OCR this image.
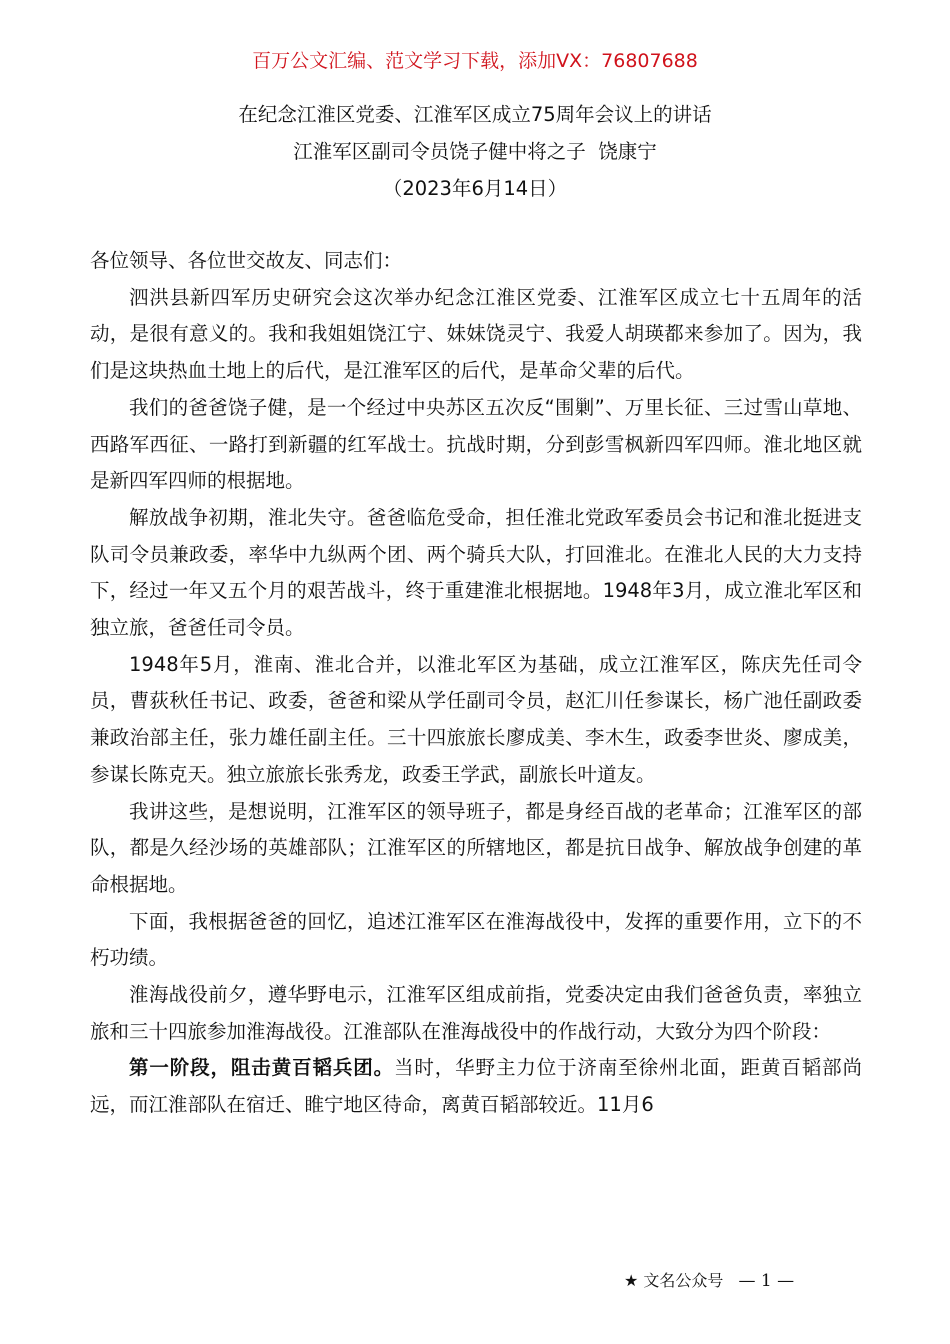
百万公文汇编、范文学习下载，添加VX：76807688
在纪念江淮区党委、江淮军区成立75周年会议上的讲话
江淮军区副司令员饶子健中将之子  饶康宁
（2023年6月14日）

各位领导、各位世交故友、同志们：

泗洪县新四军历史研究会这次举办纪念江淮区党委、江淮军区成立七十五周年的活动，是很有意义的。我和我姐姐饶江宁、妹妹饶灵宁、我爱人胡瑛都来参加了。因为，我们是这块热血土地上的后代，是江淮军区的后代，是革命父辈的后代。

我们的爸爸饶子健，是一个经过中央苏区五次反“围剿”、万里长征、三过雪山草地、西路军西征、一路打到新疆的红军战士。抗战时期，分到彭雪枫新四军四师。淮北地区就是新四军四师的根据地。

解放战争初期，淮北失守。爸爸临危受命，担任淮北党政军委员会书记和淮北挺进支队司令员兼政委，率华中九纵两个团、两个骑兵大队，打回淮北。在淮北人民的大力支持下，经过一年又五个月的艰苦战斗，终于重建淮北根据地。1948年3月，成立淮北军区和独立旅，爸爸任司令员。

1948年5月，淮南、淮北合并，以淮北军区为基础，成立江淮军区，陈庆先任司令员，曹荻秋任书记、政委，爸爸和梁从学任副司令员，赵汇川任参谋长，杨广池任副政委兼政治部主任，张力雄任副主任。三十四旅旅长廖成美、李木生，政委李世炎、廖成美，参谋长陈克天。独立旅旅长张秀龙，政委王学武，副旅长叶道友。

我讲这些，是想说明，江淮军区的领导班子，都是身经百战的老革命；江淮军区的部队，都是久经沙场的英雄部队；江淮军区的所辖地区，都是抗日战争、解放战争创建的革命根据地。

下面，我根据爸爸的回忆，追述江淮军区在淮海战役中，发挥的重要作用，立下的不朽功绩。

淮海战役前夕，遵华野电示，江淮军区组成前指，党委决定由我们爸爸负责，率独立旅和三十四旅参加淮海战役。江淮部队在淮海战役中的作战行动，大致分为四个阶段：

第一阶段，阻击黄百韬兵团。当时，华野主力位于济南至徐州北面，距黄百韬部尚远，而江淮部队在宿迁、睢宁地区待命，离黄百韬部较近。11月6

★ 文名公众号 — 1 —
